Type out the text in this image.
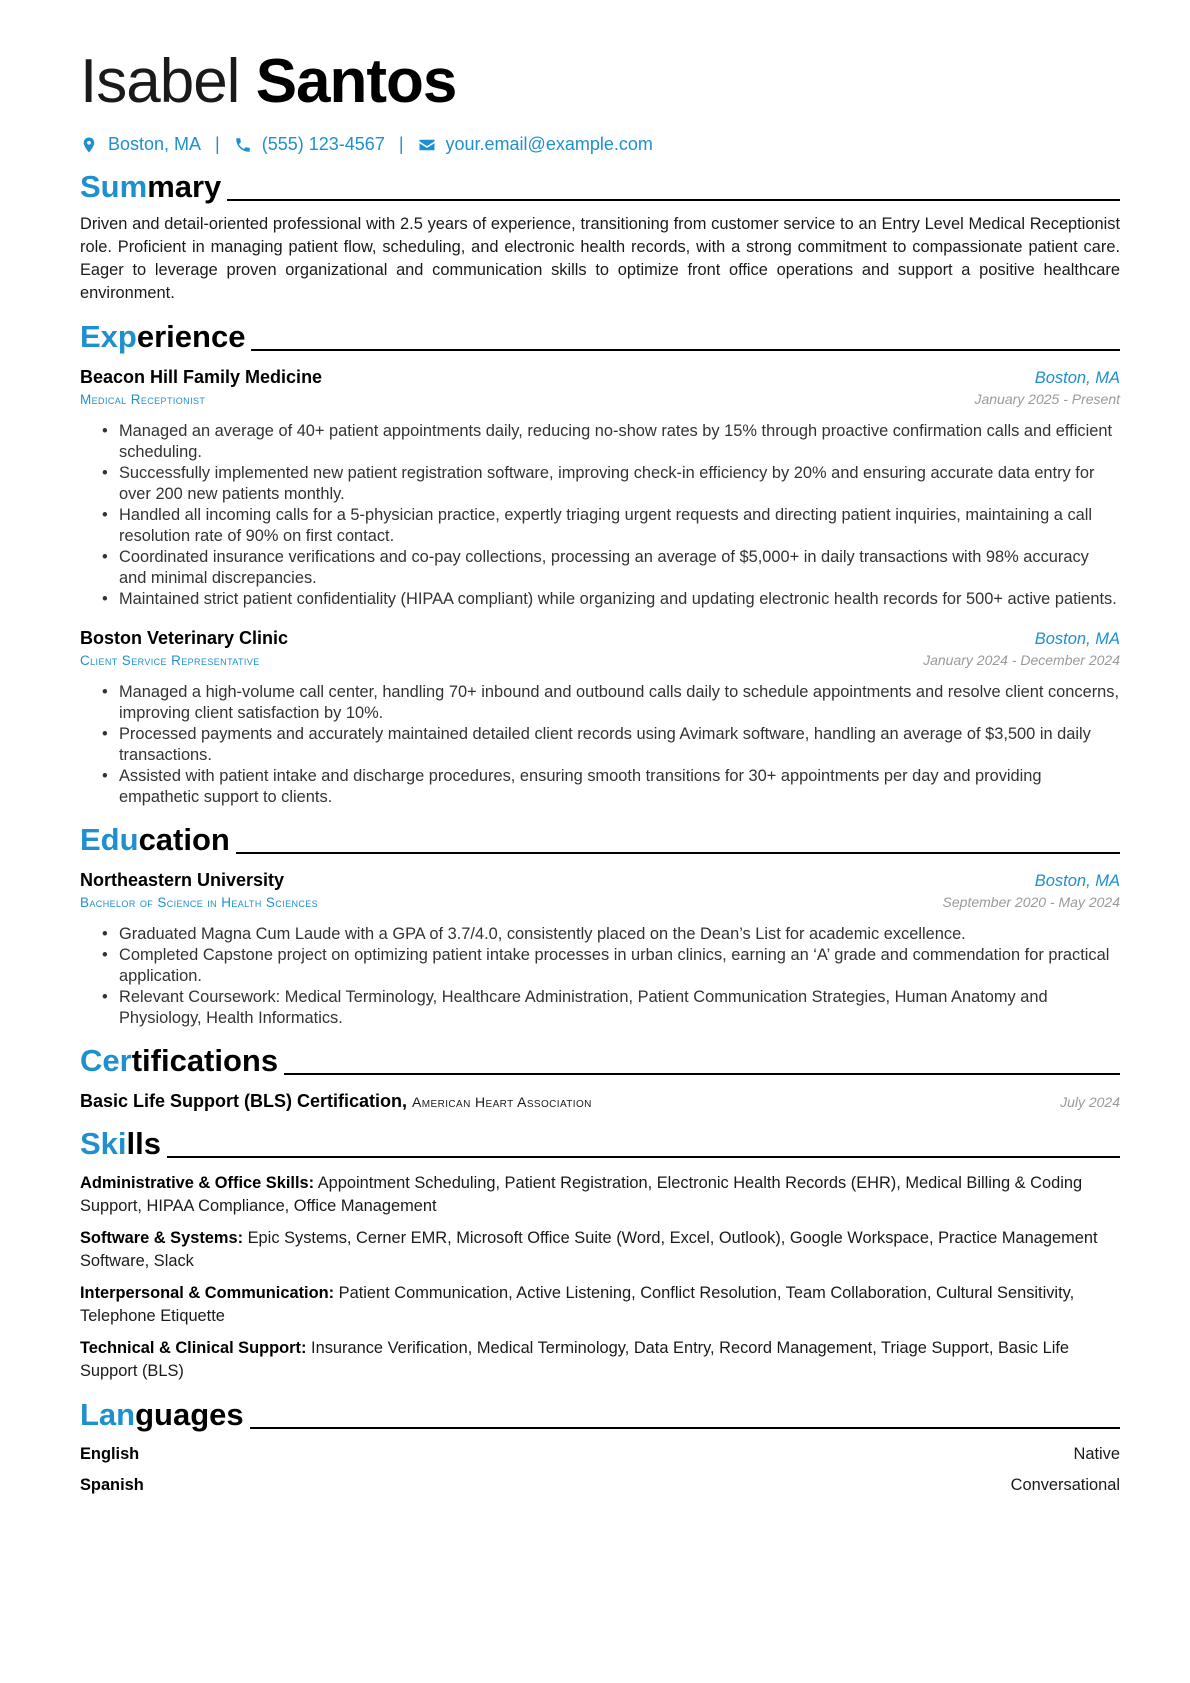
Isabel Santos
Boston, MA | (555) 123-4567 | your.email@example.com
Summary
Driven and detail-oriented professional with 2.5 years of experience, transitioning from customer service to an Entry Level Medical Receptionist role. Proficient in managing patient flow, scheduling, and electronic health records, with a strong commitment to compassionate patient care. Eager to leverage proven organizational and communication skills to optimize front office operations and support a positive healthcare environment.
Experience
Beacon Hill Family Medicine	Boston, MA
Medical Receptionist	January 2025 - Present
• Managed an average of 40+ patient appointments daily, reducing no-show rates by 15% through proactive confirmation calls and efficient scheduling.
• Successfully implemented new patient registration software, improving check-in efficiency by 20% and ensuring accurate data entry for over 200 new patients monthly.
• Handled all incoming calls for a 5-physician practice, expertly triaging urgent requests and directing patient inquiries, maintaining a call resolution rate of 90% on first contact.
• Coordinated insurance verifications and co-pay collections, processing an average of $5,000+ in daily transactions with 98% accuracy and minimal discrepancies.
• Maintained strict patient confidentiality (HIPAA compliant) while organizing and updating electronic health records for 500+ active patients.
Boston Veterinary Clinic	Boston, MA
Client Service Representative	January 2024 - December 2024
• Managed a high-volume call center, handling 70+ inbound and outbound calls daily to schedule appointments and resolve client concerns, improving client satisfaction by 10%.
• Processed payments and accurately maintained detailed client records using Avimark software, handling an average of $3,500 in daily transactions.
• Assisted with patient intake and discharge procedures, ensuring smooth transitions for 30+ appointments per day and providing empathetic support to clients.
Education
Northeastern University	Boston, MA
Bachelor of Science in Health Sciences	September 2020 - May 2024
• Graduated Magna Cum Laude with a GPA of 3.7/4.0, consistently placed on the Dean’s List for academic excellence.
• Completed Capstone project on optimizing patient intake processes in urban clinics, earning an ‘A’ grade and commendation for practical application.
• Relevant Coursework: Medical Terminology, Healthcare Administration, Patient Communication Strategies, Human Anatomy and Physiology, Health Informatics.
Certifications
Basic Life Support (BLS) Certification, American Heart Association	July 2024
Skills
Administrative & Office Skills: Appointment Scheduling, Patient Registration, Electronic Health Records (EHR), Medical Billing & Coding Support, HIPAA Compliance, Office Management
Software & Systems: Epic Systems, Cerner EMR, Microsoft Office Suite (Word, Excel, Outlook), Google Workspace, Practice Management Software, Slack
Interpersonal & Communication: Patient Communication, Active Listening, Conflict Resolution, Team Collaboration, Cultural Sensitivity, Telephone Etiquette
Technical & Clinical Support: Insurance Verification, Medical Terminology, Data Entry, Record Management, Triage Support, Basic Life Support (BLS)
Languages
English	Native
Spanish	Conversational
